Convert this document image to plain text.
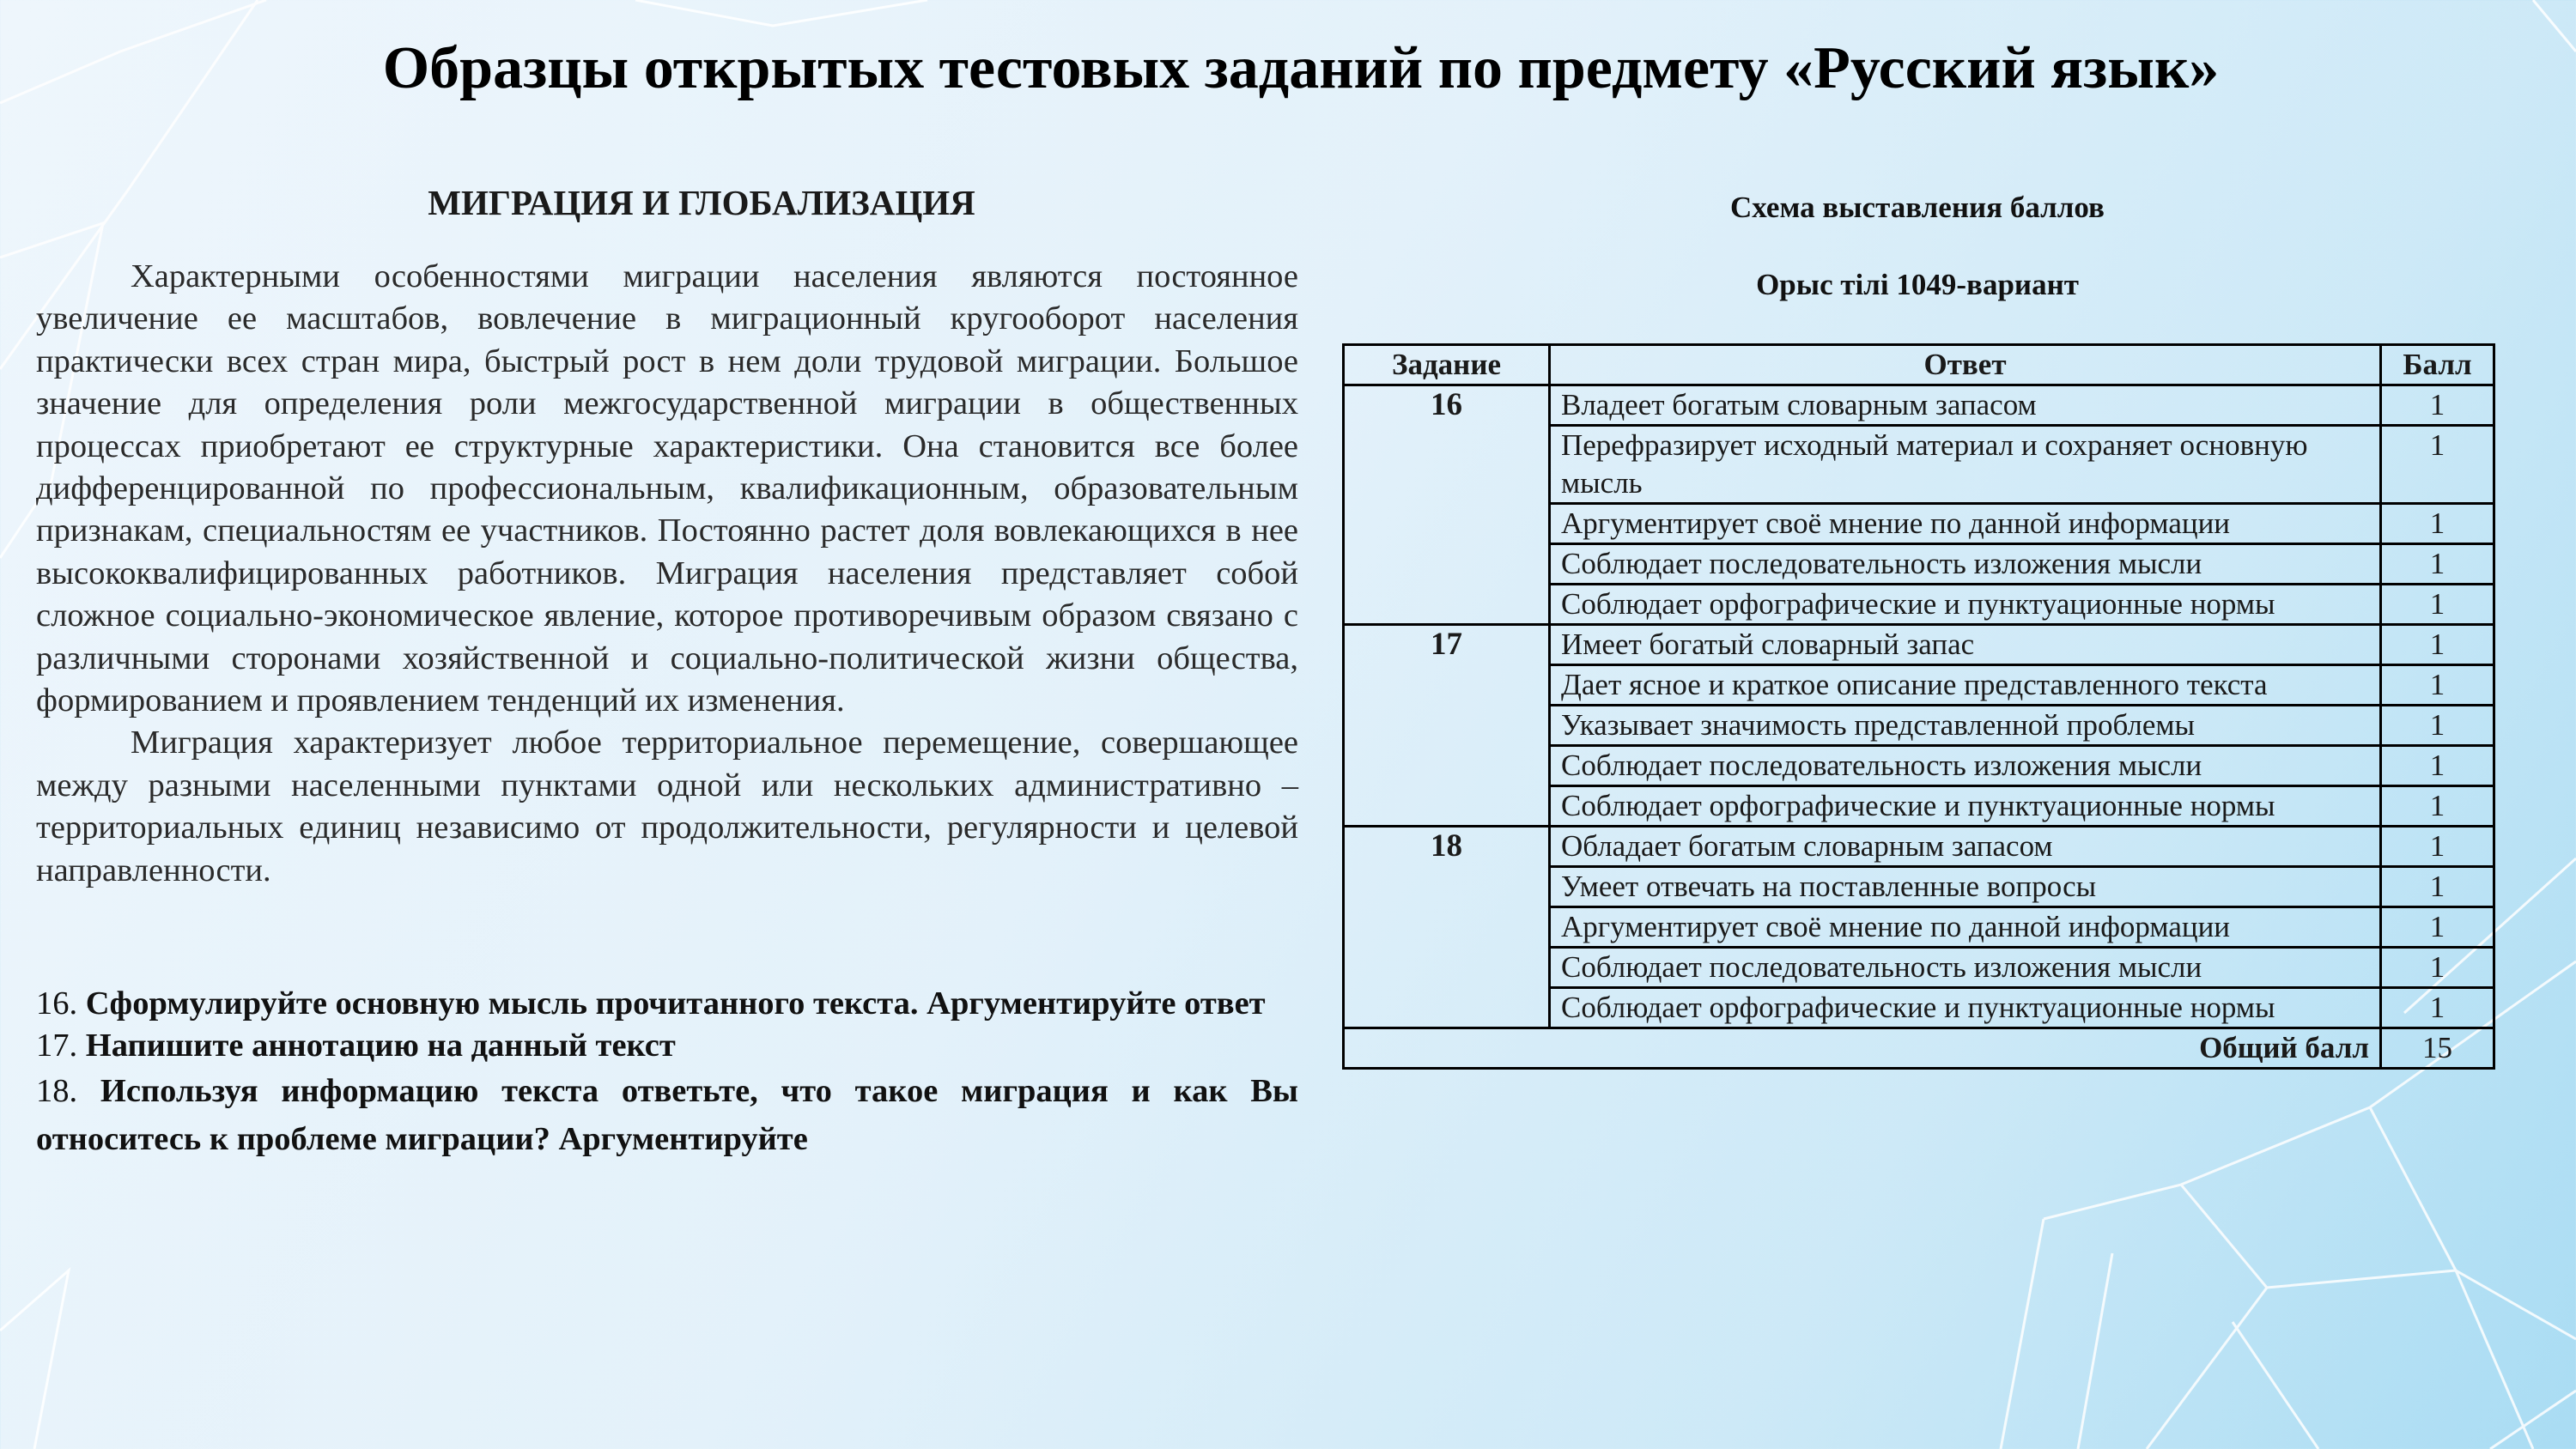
Образцы открытых тестовых заданий по предмету «Русский язык»
МИГРАЦИЯ И ГЛОБАЛИЗАЦИЯ

Характерными особенностями миграции населения являются постоянное увеличение ее масштабов, вовлечение в миграционный кругооборот населения практически всех стран мира, быстрый рост в нем доли трудовой миграции. Большое значение для определения роли межгосударственной миграции в общественных процессах приобретают ее структурные характеристики. Она становится все более дифференцированной по профессиональным, квалификационным, образовательным признакам, специальностям ее участников. Постоянно растет доля вовлекающихся в нее высококвалифицированных работников. Миграция населения представляет собой сложное социально-экономическое явление, которое противоречивым образом связано с различными сторонами хозяйственной и социально-политической жизни общества, формированием и проявлением тенденций их изменения.

Миграция характеризует любое территориальное перемещение, совершающее между разными населенными пунктами одной или нескольких административно – территориальных единиц независимо от продолжительности, регулярности и целевой направленности.

16. Сформулируйте основную мысль прочитанного текста. Аргументируйте ответ

17. Напишите аннотацию на данный текст

18. Используя информацию текста ответьте, что такое миграция и как Вы относитесь к проблеме миграции? Аргументируйте

Схема выставления баллов

Орыс тілі 1049-вариант

Задание	Ответ	Балл
16	Владеет богатым словарным запасом	1
	Перефразирует исходный материал и сохраняет основную мысль	1
	Аргументирует своё мнение по данной информации	1
	Соблюдает последовательность изложения мысли	1
	Соблюдает орфографические и пунктуационные нормы	1
17	Имеет богатый словарный запас	1
	Дает ясное и краткое описание представленного текста	1
	Указывает значимость представленной проблемы	1
	Соблюдает последовательность изложения мысли	1
	Соблюдает орфографические и пунктуационные нормы	1
18	Обладает богатым словарным запасом	1
	Умеет отвечать на поставленные вопросы	1
	Аргументирует своё мнение по данной информации	1
	Соблюдает последовательность изложения мысли	1
	Соблюдает орфографические и пунктуационные нормы	1
Общий балл		15
